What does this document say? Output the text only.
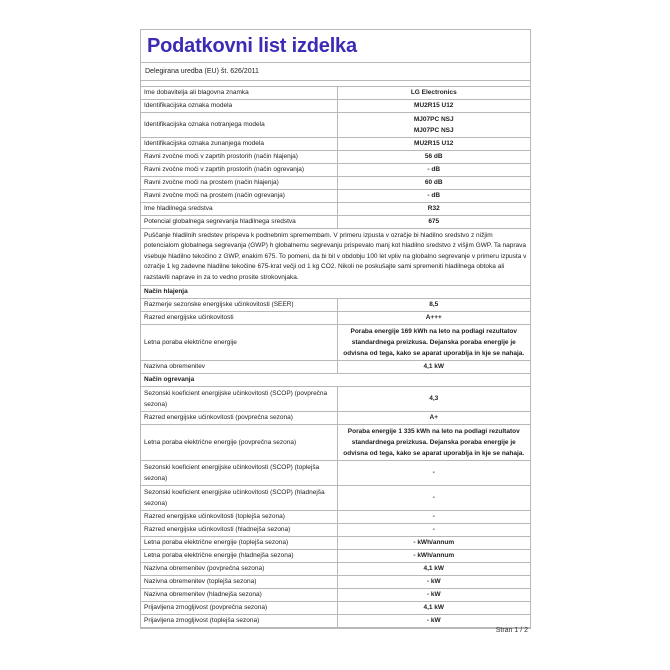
Podatkovni list izdelka
Delegirana uredba (EU) št. 626/2011
Ime dobavitelja ali blagovna znamka	LG Electronics
Identifikacijska oznaka modela	MU2R15 U12
Identifikacijska oznaka notranjega modela	MJ07PC NSJ
MJ07PC NSJ
Identifikacijska oznaka zunanjega modela	MU2R15 U12
Ravni zvočne moči v zaprtih prostorih (način hlajenja)	56 dB
Ravni zvočne moči v zaprtih prostorih (način ogrevanja)	- dB
Ravni zvočne moči na prostem (način hlajenja)	60 dB
Ravni zvočne moči na prostem (način ogrevanja)	- dB
Ime hladilnega sredstva	R32
Potencial globalnega segrevanja hladilnega sredstva	675
Puščanje hladilnih sredstev prispeva k podnebnim spremembam. V primeru izpusta v ozračje bi hladilno sredstvo z nižjim potencialom globalnega segrevanja (GWP) h globalnemu segrevanju prispevalo manj kot hladilno sredstvo z višjim GWP. Ta naprava vsebuje hladilno tekočino z GWP, enakim 675. To pomeni, da bi bil v obdobju 100 let vpliv na globalno segrevanje v primeru izpusta v ozračje 1 kg zadevne hladilne tekočine 675-krat večji od 1 kg CO2. Nikoli ne poskušajte sami spremeniti hladilnega obtoka ali razstaviti naprave in za to vedno prosite strokovnjaka.	
Način hlajenja	
Razmerje sezonske energijske učinkovitosti (SEER)	8,5
Razred energijske učinkovitosti	A+++
Letna poraba električne energije	Poraba energije 169 kWh na leto na podlagi rezultatov standardnega preizkusa. Dejanska poraba energije je odvisna od tega, kako se aparat uporablja in kje se nahaja.
Nazivna obremenitev	4,1 kW
Način ogrevanja	
Sezonski koeficient energijske učinkovitosti (SCOP) (povprečna sezona)	4,3
Razred energijske učinkovitosti (povprečna sezona)	A+
Letna poraba električne energije (povprečna sezona)	Poraba energije 1 335 kWh na leto na podlagi rezultatov standardnega preizkusa. Dejanska poraba energije je odvisna od tega, kako se aparat uporablja in kje se nahaja.
Sezonski koeficient energijske učinkovitosti (SCOP) (toplejša sezona)	-
Sezonski koeficient energijske učinkovitosti (SCOP) (hladnejša sezona)	-
Razred energijske učinkovitosti (toplejša sezona)	-
Razred energijske učinkovitosti (hladnejša sezona)	-
Letna poraba električne energije (toplejša sezona)	- kWh/annum
Letna poraba električne energije (hladnejša sezona)	- kWh/annum
Nazivna obremenitev (povprečna sezona)	4,1 kW
Nazivna obremenitev (toplejša sezona)	- kW
Nazivna obremenitev (hladnejša sezona)	- kW
Prijavljena zmogljivost (povprečna sezona)	4,1 kW
Prijavljena zmogljivost (toplejša sezona)	- kW
Stran 1 / 2
